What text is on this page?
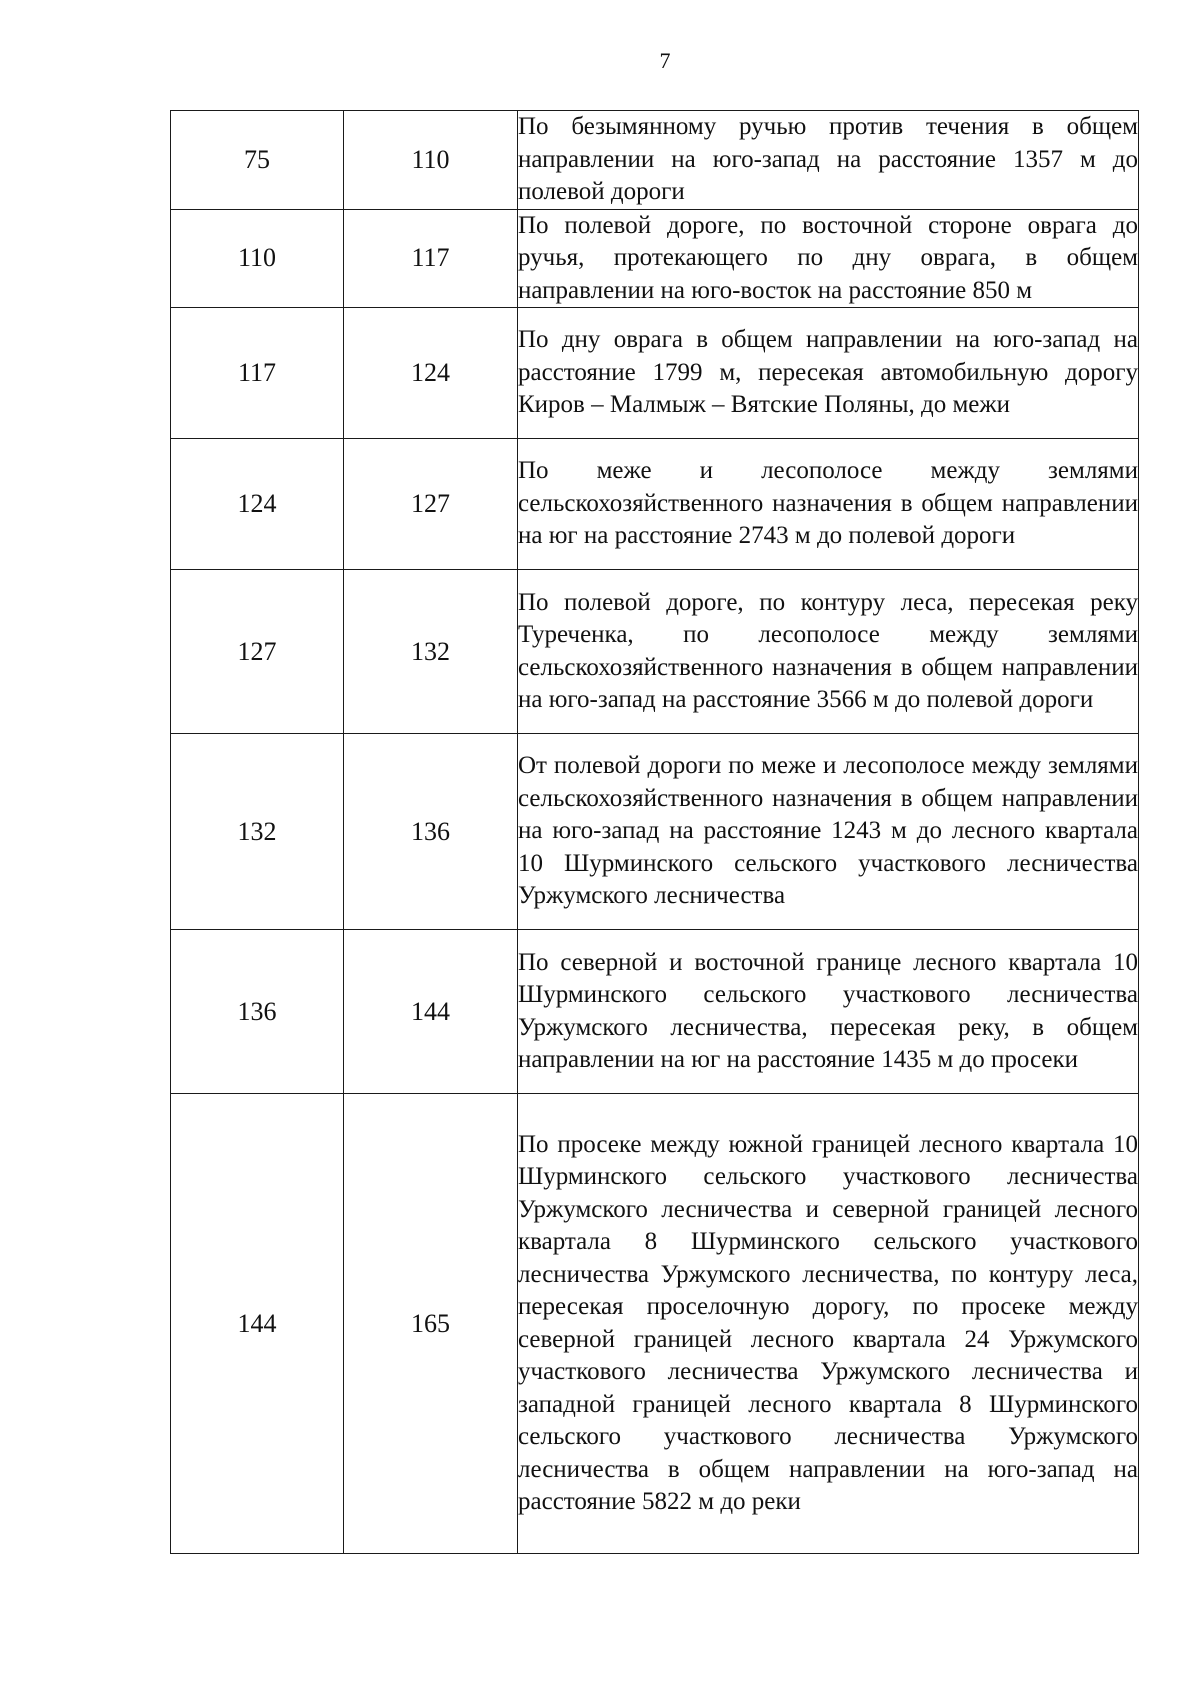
7
75	110	По безымянному ручью против течения в общем направлении на юго-запад на расстояние 1357 м до полевой дороги

110	117	По полевой дороге, по восточной стороне оврага до ручья, протекающего по дну оврага, в общем направлении на юго-восток на расстояние 850 м

117	124	По дну оврага в общем направлении на юго-запад на расстояние 1799 м, пересекая автомобильную дорогу Киров – Малмыж – Вятские Поляны, до межи

124	127	По меже и лесополосе между землями сельскохозяйственного назначения в общем направлении на юг на расстояние 2743 м до полевой дороги

127	132	По полевой дороге, по контуру леса, пересекая реку Туреченка, по лесополосе между землями сельскохозяйственного назначения в общем направлении на юго-запад на расстояние 3566 м до полевой дороги

132	136	От полевой дороги по меже и лесополосе между землями сельскохозяйственного назначения в общем направлении на юго-запад на расстояние 1243 м до лесного квартала 10 Шурминского сельского участкового лесничества Уржумского лесничества

136	144	По северной и восточной границе лесного квартала 10 Шурминского сельского участкового лесничества Уржумского лесничества, пересекая реку, в общем направлении на юг на расстояние 1435 м до просеки

144	165	По просеке между южной границей лесного квартала 10 Шурминского сельского участкового лесничества Уржумского лесничества и северной границей лесного квартала 8 Шурминского сельского участкового лесничества Уржумского лесничества, по контуру леса, пересекая проселочную дорогу, по просеке между северной границей лесного квартала 24 Уржумского участкового лесничества Уржумского лесничества и западной границей лесного квартала 8 Шурминского сельского участкового лесничества Уржумского лесничества в общем направлении на юго-запад на расстояние 5822 м до реки
